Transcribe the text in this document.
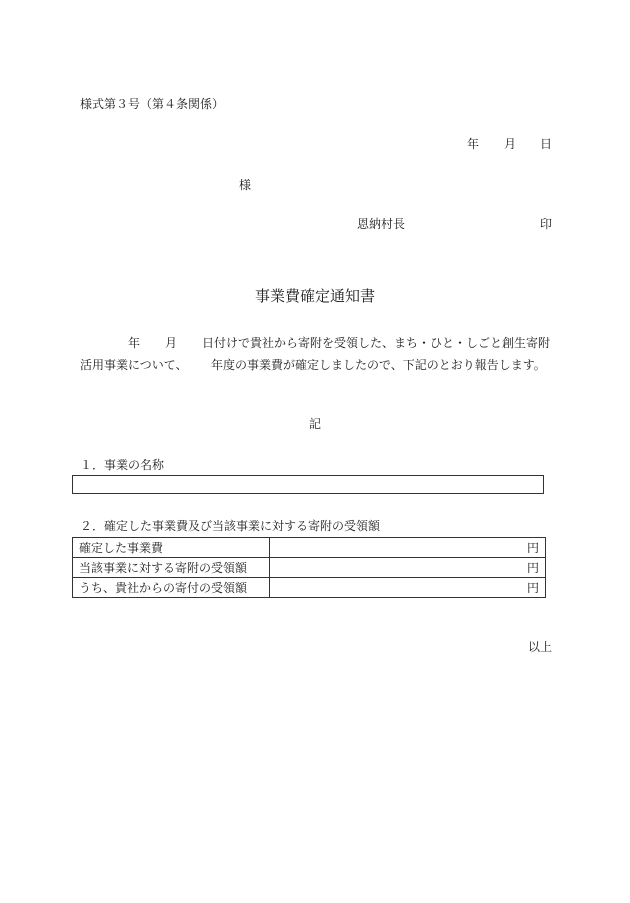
様式第３号（第４条関係）
年 月 日
様
恩納村長	印
事業費確定通知書
年 月 日付けで貴社から寄附を受領した、まち・ひと・しごと創生寄附
活用事業について、 年度の事業費が確定しましたので、下記のとおり報告します。
記
１．事業の名称
２．確定した事業費及び当該事業に対する寄附の受領額
確定した事業費	円
当該事業に対する寄附の受領額	円
うち、貴社からの寄付の受領額	円
以上
